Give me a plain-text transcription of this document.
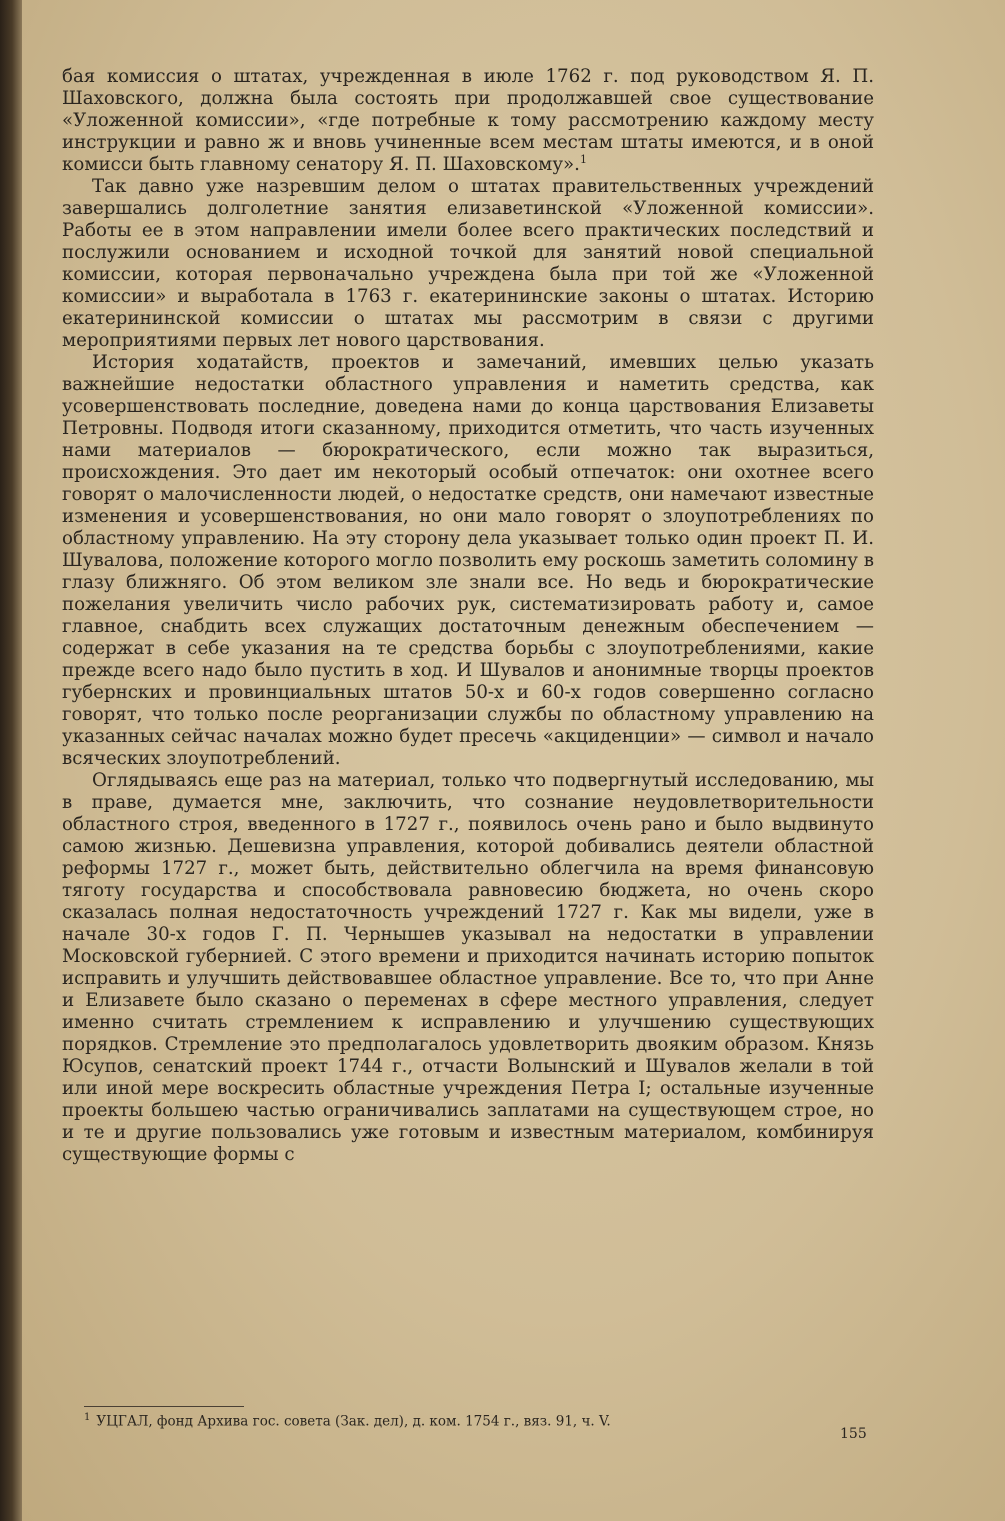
бая комиссия о штатах, учрежденная в июле 1762 г. под руководством Я. П. Шаховского, должна была состоять при продолжавшей свое существование «Уложенной комиссии», «где потребные к тому рассмотрению каждому месту инструкции и равно ж и вновь учиненные всем местам штаты имеются, и в оной комисси быть главному сенатору Я. П. Шаховскому».$^1$

Так давно уже назревшим делом о штатах правительственных учреждений завершались долголетние занятия елизаветинской «Уложенной комиссии». Работы ее в этом направлении имели более всего практических последствий и послужили основанием и исходной точкой для занятий новой специальной комиссии, которая первоначально учреждена была при той же «Уложенной комиссии» и выработала в 1763 г. екатерининские законы о штатах. Историю екатерининской комиссии о штатах мы рассмотрим в связи с другими мероприятиями первых лет нового царствования.

История ходатайств, проектов и замечаний, имевших целью указать важнейшие недостатки областного управления и наметить средства, как усовершенствовать последние, доведена нами до конца царствования Елизаветы Петровны. Подводя итоги сказанному, приходится отметить, что часть изученных нами материалов — бюрократического, если можно так выразиться, происхождения. Это дает им некоторый особый отпечаток: они охотнее всего говорят о малочисленности людей, о недостатке средств, они намечают известные изменения и усовершенствования, но они мало говорят о злоупотреблениях по областному управлению. На эту сторону дела указывает только один проект П. И. Шувалова, положение которого могло позволить ему роскошь заметить соломину в глазу ближняго. Об этом великом зле знали все. Но ведь и бюрократические пожелания увеличить число рабочих рук, систематизировать работу и, самое главное, снабдить всех служащих достаточным денежным обеспечением — содержат в себе указания на те средства борьбы с злоупотреблениями, какие прежде всего надо было пустить в ход. И Шувалов и анонимные творцы проектов губернских и провинциальных штатов 50-х и 60-х годов совершенно согласно говорят, что только после реорганизации службы по областному управлению на указанных сейчас началах можно будет пресечь «акциденции» — символ и начало всяческих злоупотреблений.

Оглядываясь еще раз на материал, только что подвергнутый исследованию, мы в праве, думается мне, заключить, что сознание неудовлетворительности областного строя, введенного в 1727 г., появилось очень рано и было выдвинуто самою жизнью. Дешевизна управления, которой добивались деятели областной реформы 1727 г., может быть, действительно облегчила на время финансовую тяготу государства и способствовала равновесию бюджета, но очень скоро сказалась полная недостаточность учреждений 1727 г. Как мы видели, уже в начале 30-х годов Г. П. Чернышев указывал на недостатки в управлении Московской губернией. С этого времени и приходится начинать историю попыток исправить и улучшить действовавшее областное управление. Все то, что при Анне и Елизавете было сказано о переменах в сфере местного управления, следует именно считать стремлением к исправлению и улучшению существующих порядков. Стремление это предполагалось удовлетворить двояким образом. Князь Юсупов, сенатский проект 1744 г., отчасти Волынский и Шувалов желали в той или иной мере воскресить областные учреждения Петра I; остальные изученные проекты большею частью ограничивались заплатами на существующем строе, но и те и другие пользовались уже готовым и известным материалом, комбинируя существующие формы с

$^1$ УЦГАЛ, фонд Архива гос. совета (Зак. дел), д. ком. 1754 г., вяз. 91, ч. V.
155
